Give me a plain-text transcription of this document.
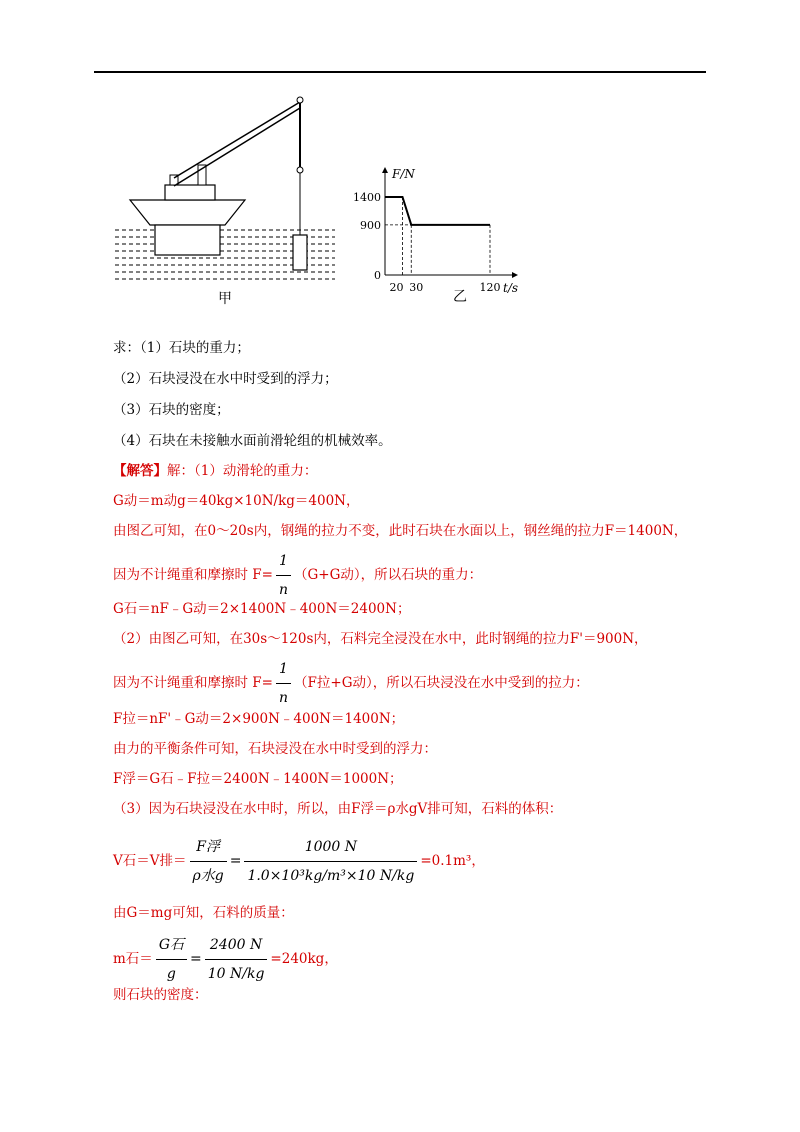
甲
1400
900
0
20 30	120
F/N
t/s
乙
求：（1）石块的重力；
（2）石块浸没在水中时受到的浮力；
（3）石块的密度；
（4）石块在未接触水面前滑轮组的机械效率。
【解答】解：（1）动滑轮的重力：
G动＝m动g＝40kg×10N/kg＝400N，
由图乙可知，在0～20s内，钢绳的拉力不变，此时石块在水面以上，钢丝绳的拉力F＝1400N，
因为不计绳重和摩擦时 $F= \frac{1}{n} (G+G$动），所以石块的重力：
G石＝nF﹣G动＝2×1400N﹣400N＝2400N；
（2）由图乙可知，在30s～120s内，石料完全浸没在水中，此时钢绳的拉力F'＝900N，
因为不计绳重和摩擦时 $F= \frac{1}{n} (F$拉+G动），所以石块浸没在水中受到的拉力：
F拉＝nF'﹣G动＝2×900N﹣400N＝1400N；
由力的平衡条件可知，石块浸没在水中时受到的浮力：
F浮＝G石﹣F拉＝2400N﹣1400N＝1000N；
（3）因为石块浸没在水中时，所以，由F浮＝ρ水gV排可知，石料的体积：
V石＝V排＝ $\frac{\text{F浮}}{\text{ρ水g}} = \frac{1000 N}{\text{1.0×10³kg/m³×10 N/kg}} =0.1m^3$，
由G＝mg可知，石料的质量：
m石＝ $\frac{\text{G石}}{g} = \frac{2400 N}{10 N/kg} =240kg$，
则石块的密度：
